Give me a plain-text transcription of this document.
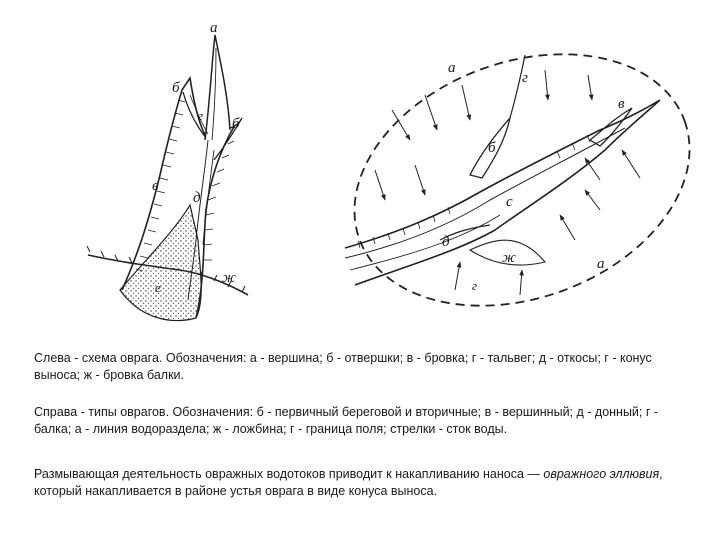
а
б
б
в
г
д
е
ж
а
г
б
в
с
д
ж	а
г
Слева - схема оврага. Обозначения: а - вершина; б - отвершки; в - бровка; г - тальвег; д - откосы; г - конус выноса; ж - бровка балки.
Справа - типы оврагов. Обозначения: б - первичный береговой и вторичные; в - вершинный; д - донный; г - балка; а - линия водораздела; ж - ложбина; г - граница поля; стрелки - сток воды.
Размывающая деятельность овражных водотоков приводит к накапливанию наноса — овражного эллювия, который накапливается в районе устья оврага в виде конуса выноса.
